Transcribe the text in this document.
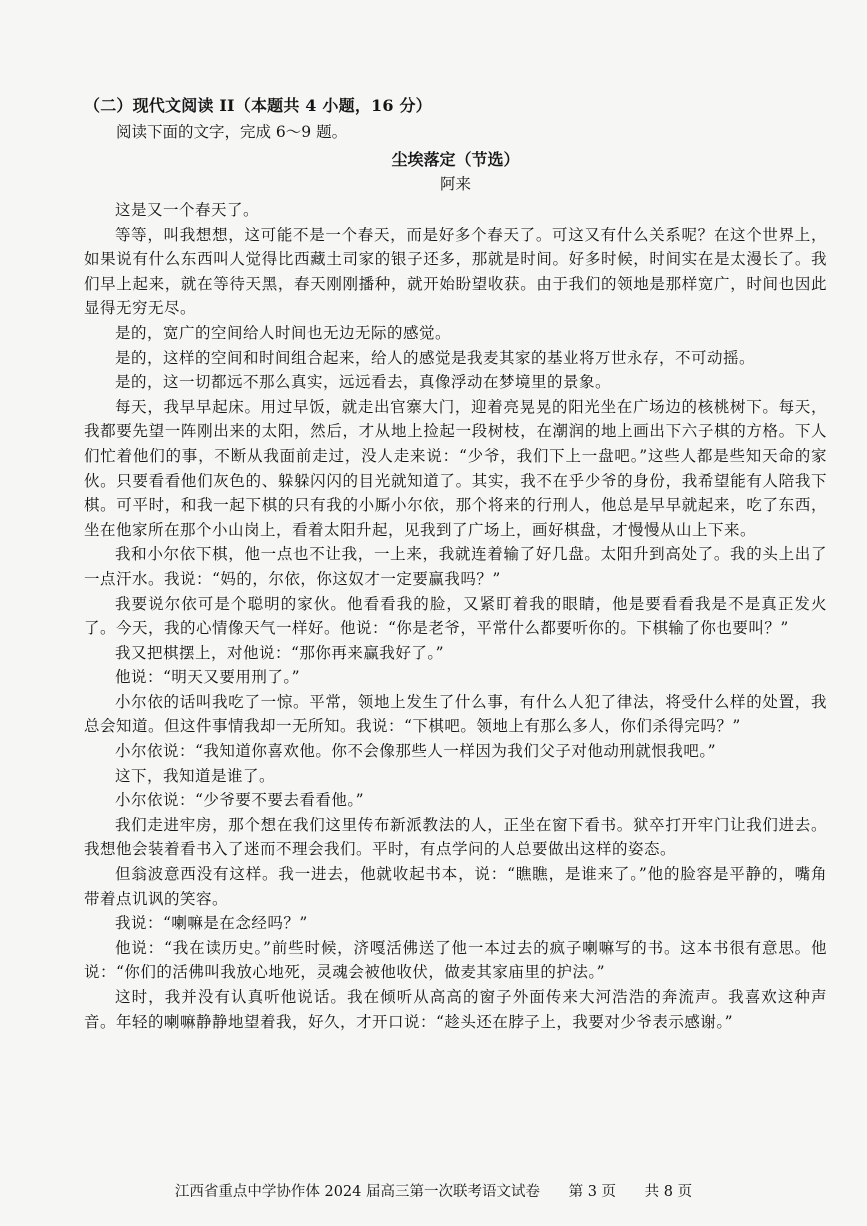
（二）现代文阅读 II（本题共 4 小题，16 分）
阅读下面的文字，完成 6～9 题。
尘埃落定（节选）
阿来

这是又一个春天了。

等等，叫我想想，这可能不是一个春天，而是好多个春天了。可这又有什么关系呢？在这个世界上，如果说有什么东西叫人觉得比西藏土司家的银子还多，那就是时间。好多时候，时间实在是太漫长了。我们早上起来，就在等待天黑，春天刚刚播种，就开始盼望收获。由于我们的领地是那样宽广，时间也因此显得无穷无尽。

是的，宽广的空间给人时间也无边无际的感觉。

是的，这样的空间和时间组合起来，给人的感觉是我麦其家的基业将万世永存，不可动摇。

是的，这一切都远不那么真实，远远看去，真像浮动在梦境里的景象。

每天，我早早起床。用过早饭，就走出官寨大门，迎着亮晃晃的阳光坐在广场边的核桃树下。每天，我都要先望一阵刚出来的太阳，然后，才从地上捡起一段树枝，在潮润的地上画出下六子棋的方格。下人们忙着他们的事，不断从我面前走过，没人走来说：“少爷，我们下上一盘吧。”这些人都是些知天命的家伙。只要看看他们灰色的、躲躲闪闪的目光就知道了。其实，我不在乎少爷的身份，我希望能有人陪我下棋。可平时，和我一起下棋的只有我的小厮小尔依，那个将来的行刑人，他总是早早就起来，吃了东西，坐在他家所在那个小山岗上，看着太阳升起，见我到了广场上，画好棋盘，才慢慢从山上下来。

我和小尔依下棋，他一点也不让我，一上来，我就连着输了好几盘。太阳升到高处了。我的头上出了一点汗水。我说：“妈的，尔依，你这奴才一定要赢我吗？”

我要说尔依可是个聪明的家伙。他看看我的脸，又紧盯着我的眼睛，他是要看看我是不是真正发火了。今天，我的心情像天气一样好。他说：“你是老爷，平常什么都要听你的。下棋输了你也要叫？”

我又把棋摆上，对他说：“那你再来赢我好了。”

他说：“明天又要用刑了。”

小尔依的话叫我吃了一惊。平常，领地上发生了什么事，有什么人犯了律法，将受什么样的处置，我总会知道。但这件事情我却一无所知。我说：“下棋吧。领地上有那么多人，你们杀得完吗？”

小尔依说：“我知道你喜欢他。你不会像那些人一样因为我们父子对他动刑就恨我吧。”

这下，我知道是谁了。

小尔依说：“少爷要不要去看看他。”

我们走进牢房，那个想在我们这里传布新派教法的人，正坐在窗下看书。狱卒打开牢门让我们进去。我想他会装着看书入了迷而不理会我们。平时，有点学问的人总要做出这样的姿态。

但翁波意西没有这样。我一进去，他就收起书本，说：“瞧瞧，是谁来了。”他的脸容是平静的，嘴角带着点讥讽的笑容。

我说：“喇嘛是在念经吗？”

他说：“我在读历史。”前些时候，济嘎活佛送了他一本过去的疯子喇嘛写的书。这本书很有意思。他说：“你们的活佛叫我放心地死，灵魂会被他收伏，做麦其家庙里的护法。”

这时，我并没有认真听他说话。我在倾听从高高的窗子外面传来大河浩浩的奔流声。我喜欢这种声音。年轻的喇嘛静静地望着我，好久，才开口说：“趁头还在脖子上，我要对少爷表示感谢。”

江西省重点中学协作体 2024 届高三第一次联考语文试卷 第 3 页 共 8 页
